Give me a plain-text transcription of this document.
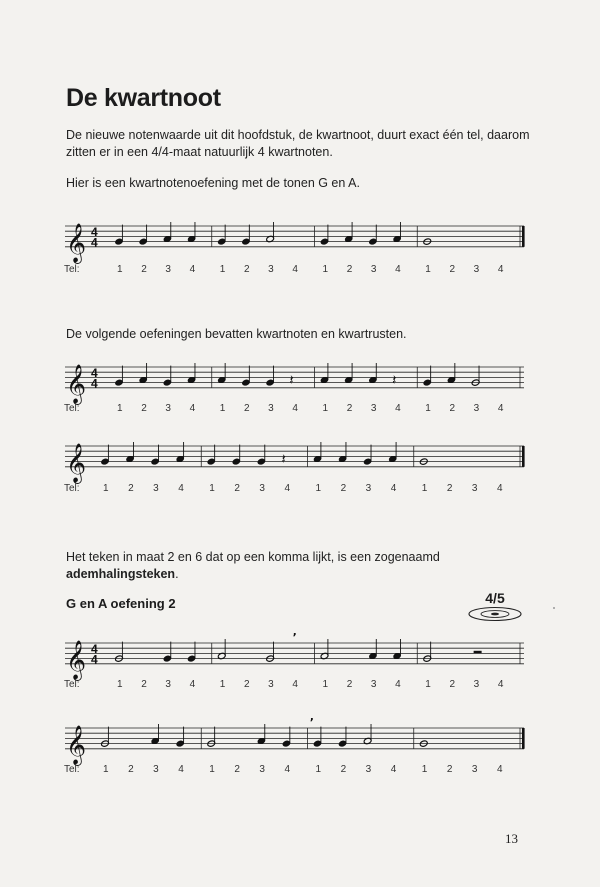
De kwartnoot

De nieuwe notenwaarde uit dit hoofdstuk, de kwartnoot, duurt exact één tel, daarom zitten er in een 4/4-maat natuurlijk 4 kwartnoten.

Hier is een kwartnotenoefening met de tonen G en A.

𝄞 4
4
Tel:	1 2 3 4 1 2 3 4 1 2 3 4 1 2 3 4

De volgende oefeningen bevatten kwartnoten en kwartrusten.

𝄞 4
4	𝄽	𝄽
Tel:	1 2 3 4 1 2 3 4 1 2 3 4 1 2 3 4
𝄞	𝄽
Tel: 1 2 3 4	1 2 3 4	1 2 3 4	1 2 3 4

Het teken in maat 2 en 6 dat op een komma lijkt, is een zogenaamd ademhalingsteken.

G en A oefening 2	4/5
𝄞 4
4
’
Tel:	1 2 3 4 1 2 3 4 1 2 3 4 1 2 3 4
𝄞
’
Tel: 1 2 3 4	1 2 3 4	1 2 3 4	1 2 3 4
13
